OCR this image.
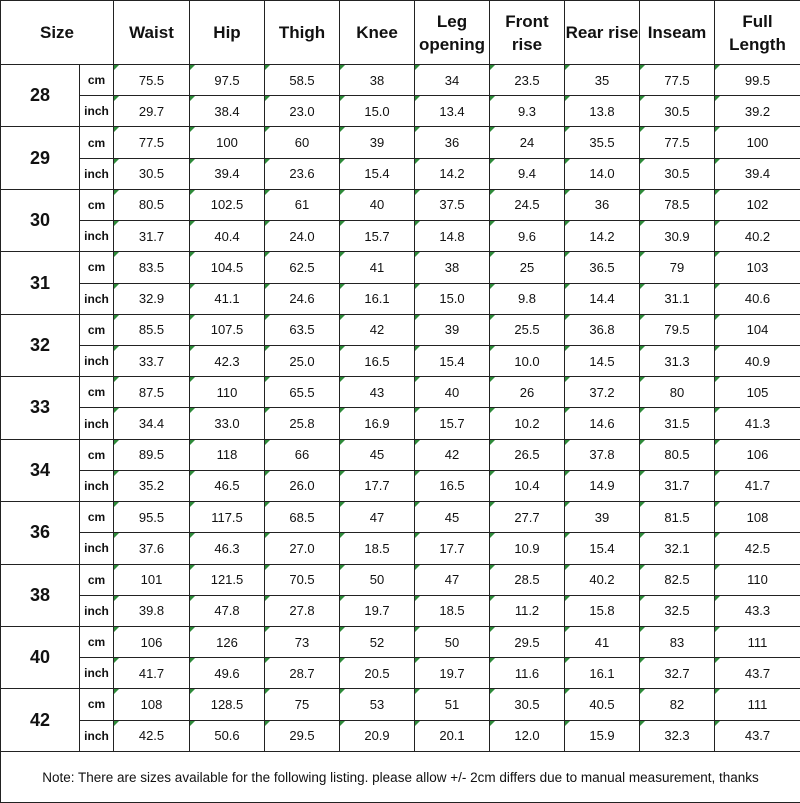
Size		Waist	Hip	Thigh	Knee	Leg opening	Front rise	Rear rise	Inseam	Full Length
28	cm	75.5	97.5	58.5	38	34	23.5	35	77.5	99.5
	inch	29.7	38.4	23.0	15.0	13.4	9.3	13.8	30.5	39.2
29	cm	77.5	100	60	39	36	24	35.5	77.5	100
	inch	30.5	39.4	23.6	15.4	14.2	9.4	14.0	30.5	39.4
30	cm	80.5	102.5	61	40	37.5	24.5	36	78.5	102
	inch	31.7	40.4	24.0	15.7	14.8	9.6	14.2	30.9	40.2
31	cm	83.5	104.5	62.5	41	38	25	36.5	79	103
	inch	32.9	41.1	24.6	16.1	15.0	9.8	14.4	31.1	40.6
32	cm	85.5	107.5	63.5	42	39	25.5	36.8	79.5	104
	inch	33.7	42.3	25.0	16.5	15.4	10.0	14.5	31.3	40.9
33	cm	87.5	110	65.5	43	40	26	37.2	80	105
	inch	34.4	33.0	25.8	16.9	15.7	10.2	14.6	31.5	41.3
34	cm	89.5	118	66	45	42	26.5	37.8	80.5	106
	inch	35.2	46.5	26.0	17.7	16.5	10.4	14.9	31.7	41.7
36	cm	95.5	117.5	68.5	47	45	27.7	39	81.5	108
	inch	37.6	46.3	27.0	18.5	17.7	10.9	15.4	32.1	42.5
38	cm	101	121.5	70.5	50	47	28.5	40.2	82.5	110
	inch	39.8	47.8	27.8	19.7	18.5	11.2	15.8	32.5	43.3
40	cm	106	126	73	52	50	29.5	41	83	111
	inch	41.7	49.6	28.7	20.5	19.7	11.6	16.1	32.7	43.7
42	cm	108	128.5	75	53	51	30.5	40.5	82	111
	inch	42.5	50.6	29.5	20.9	20.1	12.0	15.9	32.3	43.7
Note: There are sizes available for the following listing. please allow +/- 2cm differs due to manual measurement, thanks										
